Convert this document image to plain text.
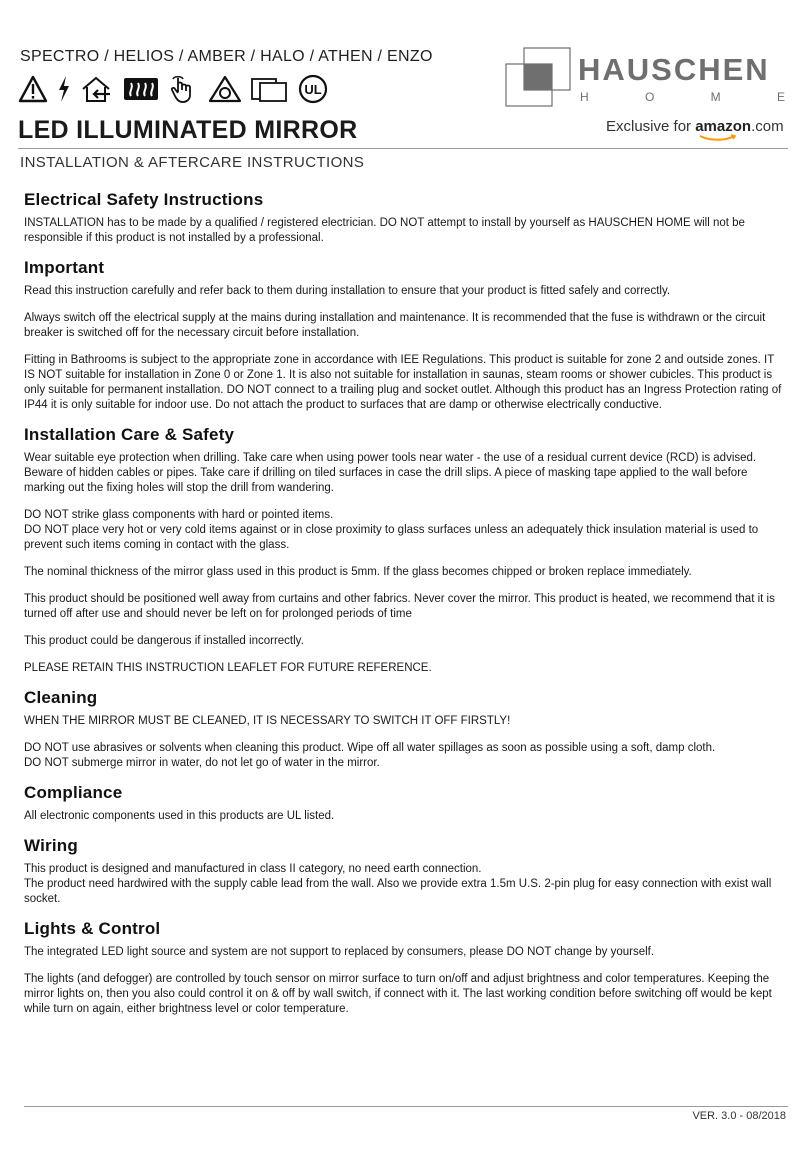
SPECTRO / HELIOS / AMBER / HALO / ATHEN / ENZO
UL
LED ILLUMINATED MIRROR
INSTALLATION & AFTERCARE INSTRUCTIONS
HAUSCHEN
H	O	M	E
Exclusive for amazon.com
Electrical Safety Instructions

INSTALLATION has to be made by a qualified / registered electrician. DO NOT attempt to install by yourself as HAUSCHEN HOME will not be responsible if this product is not installed by a professional.

Important

Read this instruction carefully and refer back to them during installation to ensure that your product is fitted safely and correctly.

Always switch off the electrical supply at the mains during installation and maintenance. It is recommended that the fuse is withdrawn or the circuit breaker is switched off for the necessary circuit before installation.

Fitting in Bathrooms is subject to the appropriate zone in accordance with IEE Regulations. This product is suitable for zone 2 and outside zones. IT IS NOT suitable for installation in Zone 0 or Zone 1. It is also not suitable for installation in saunas, steam rooms or shower cubicles. This product is only suitable for permanent installation. DO NOT connect to a trailing plug and socket outlet. Although this product has an Ingress Protection rating of IP44 it is only suitable for indoor use. Do not attach the product to surfaces that are damp or otherwise electrically conductive.

Installation Care & Safety

Wear suitable eye protection when drilling. Take care when using power tools near water - the use of a residual current device (RCD) is advised. Beware of hidden cables or pipes. Take care if drilling on tiled surfaces in case the drill slips. A piece of masking tape applied to the wall before marking out the fixing holes will stop the drill from wandering.

DO NOT strike glass components with hard or pointed items.
DO NOT place very hot or very cold items against or in close proximity to glass surfaces unless an adequately thick insulation material is used to prevent such items coming in contact with the glass.

The nominal thickness of the mirror glass used in this product is 5mm. If the glass becomes chipped or broken replace immediately.

This product should be positioned well away from curtains and other fabrics. Never cover the mirror. This product is heated, we recommend that it is turned off after use and should never be left on for prolonged periods of time

This product could be dangerous if installed incorrectly.

PLEASE RETAIN THIS INSTRUCTION LEAFLET FOR FUTURE REFERENCE.

Cleaning

WHEN THE MIRROR MUST BE CLEANED, IT IS NECESSARY TO SWITCH IT OFF FIRSTLY!

DO NOT use abrasives or solvents when cleaning this product. Wipe off all water spillages as soon as possible using a soft, damp cloth.
DO NOT submerge mirror in water, do not let go of water in the mirror.

Compliance

All electronic components used in this products are UL listed.

Wiring

This product is designed and manufactured in class II category, no need earth connection.
The product need hardwired with the supply cable lead from the wall. Also we provide extra 1.5m U.S. 2-pin plug for easy connection with exist wall socket.

Lights & Control

The integrated LED light source and system are not support to replaced by consumers, please DO NOT change by yourself.

The lights (and defogger) are controlled by touch sensor on mirror surface to turn on/off and adjust brightness and color temperatures. Keeping the mirror lights on, then you also could control it on & off by wall switch, if connect with it. The last working condition before switching off would be kept while turn on again, either brightness level or color temperature.

VER. 3.0 - 08/2018
